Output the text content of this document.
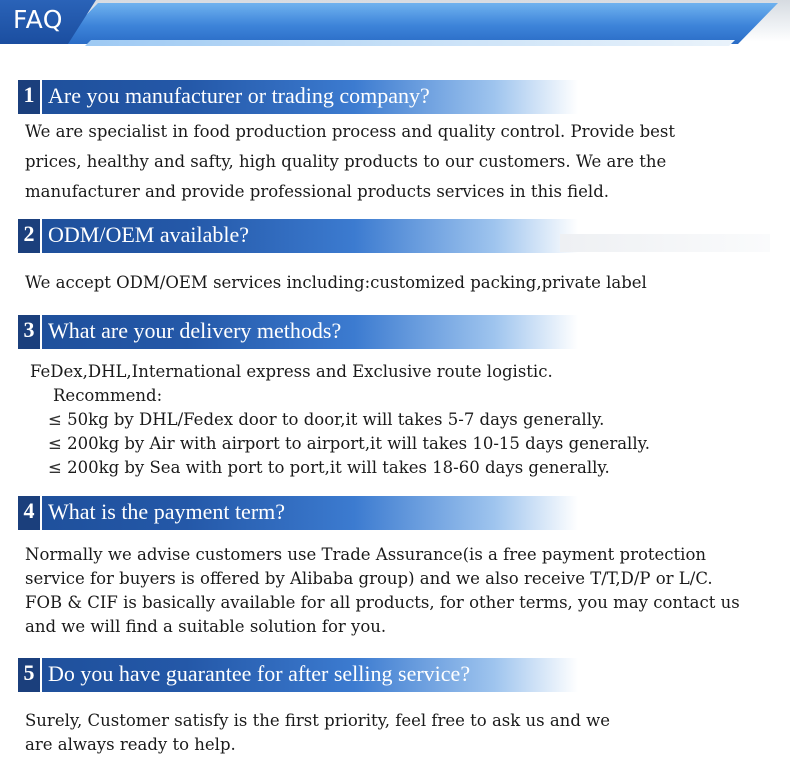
FAQ
1 Are you manufacturer or trading company?
We are specialist in food production process and quality control. Provide best
prices, healthy and safty, high quality products to our customers. We are the
manufacturer and provide professional products services in this field.
2 ODM/OEM available?
We accept ODM/OEM services including:customized packing,private label
3 What are your delivery methods?
FeDex,DHL,International express and Exclusive route logistic.
Recommend:
≤ 50kg by DHL/Fedex door to door,it will takes 5-7 days generally.
≤ 200kg by Air with airport to airport,it will takes 10-15 days generally.
≤ 200kg by Sea with port to port,it will takes 18-60 days generally.
4 What is the payment term?
Normally we advise customers use Trade Assurance(is a free payment protection
service for buyers is offered by Alibaba group) and we also receive T/T,D/P or L/C.
FOB & CIF is basically available for all products, for other terms, you may contact us
and we will find a suitable solution for you.
5 Do you have guarantee for after selling service?
Surely, Customer satisfy is the first priority, feel free to ask us and we
are always ready to help.
